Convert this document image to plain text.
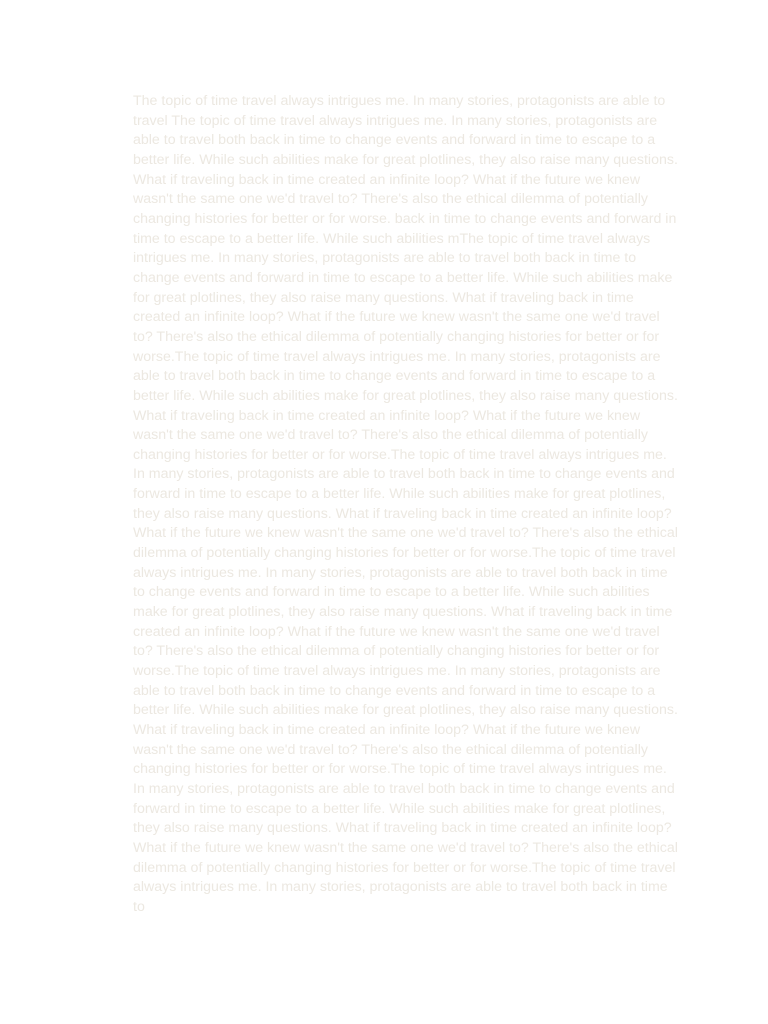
The topic of time travel always intrigues me. In many stories, protagonists are able to travel The topic of time travel always intrigues me. In many stories, protagonists are able to travel both back in time to change events and forward in time to escape to a better life. While such abilities make for great plotlines, they also raise many questions. What if traveling back in time created an infinite loop? What if the future we knew wasn't the same one we'd travel to? There's also the ethical dilemma of potentially changing histories for better or for worse. back in time to change events and forward in time to escape to a better life. While such abilities mThe topic of time travel always intrigues me. In many stories, protagonists are able to travel both back in time to change events and forward in time to escape to a better life. While such abilities make for great plotlines, they also raise many questions. What if traveling back in time created an infinite loop? What if the future we knew wasn't the same one we'd travel to? There's also the ethical dilemma of potentially changing histories for better or for worse.The topic of time travel always intrigues me. In many stories, protagonists are able to travel both back in time to change events and forward in time to escape to a better life. While such abilities make for great plotlines, they also raise many questions. What if traveling back in time created an infinite loop? What if the future we knew wasn't the same one we'd travel to? There's also the ethical dilemma of potentially changing histories for better or for worse.The topic of time travel always intrigues me. In many stories, protagonists are able to travel both back in time to change events and forward in time to escape to a better life. While such abilities make for great plotlines, they also raise many questions. What if traveling back in time created an infinite loop? What if the future we knew wasn't the same one we'd travel to? There's also the ethical dilemma of potentially changing histories for better or for worse.The topic of time travel always intrigues me. In many stories, protagonists are able to travel both back in time to change events and forward in time to escape to a better life. While such abilities make for great plotlines, they also raise many questions. What if traveling back in time created an infinite loop? What if the future we knew wasn't the same one we'd travel to? There's also the ethical dilemma of potentially changing histories for better or for worse.The topic of time travel always intrigues me. In many stories, protagonists are able to travel both back in time to change events and forward in time to escape to a better life. While such abilities make for great plotlines, they also raise many questions. What if traveling back in time created an infinite loop? What if the future we knew wasn't the same one we'd travel to? There's also the ethical dilemma of potentially changing histories for better or for worse.The topic of time travel always intrigues me. In many stories, protagonists are able to travel both back in time to change events and forward in time to escape to a better life. While such abilities make for great plotlines, they also raise many questions. What if traveling back in time created an infinite loop? What if the future we knew wasn't the same one we'd travel to? There's also the ethical dilemma of potentially changing histories for better or for worse.The topic of time travel always intrigues me. In many stories, protagonists are able to travel both back in time to
